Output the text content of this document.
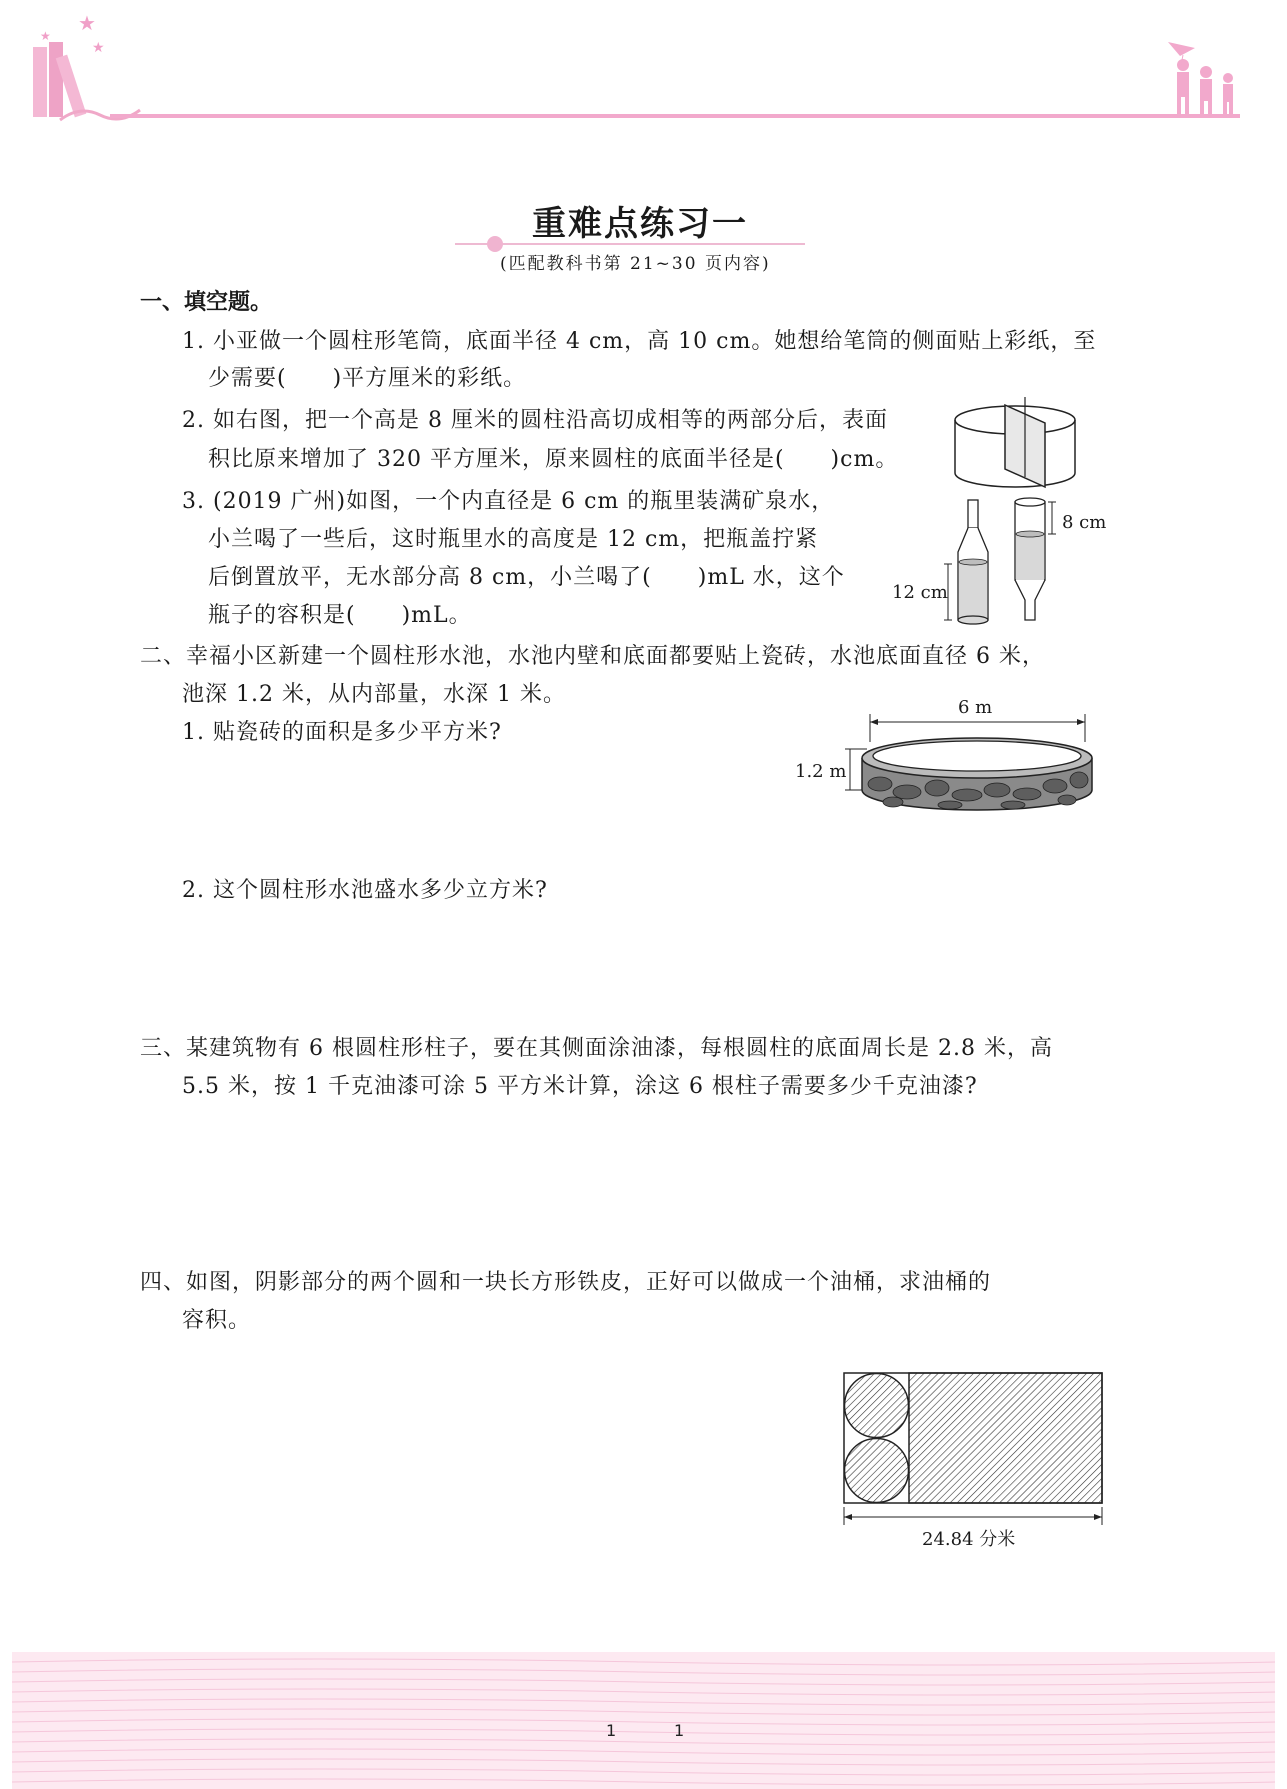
★
★
★
重难点练习一
(匹配教科书第 21~30 页内容)
一、填空题。
1. 小亚做一个圆柱形笔筒，底面半径 4 cm，高 10 cm。她想给笔筒的侧面贴上彩纸，至
少需要(　　)平方厘米的彩纸。
2. 如右图，把一个高是 8 厘米的圆柱沿高切成相等的两部分后，表面
积比原来增加了 320 平方厘米，原来圆柱的底面半径是(　　)cm。
3. (2019 广州)如图，一个内直径是 6 cm 的瓶里装满矿泉水，
小兰喝了一些后，这时瓶里水的高度是 12 cm，把瓶盖拧紧
后倒置放平，无水部分高 8 cm，小兰喝了(　　)mL 水，这个
瓶子的容积是(　　)mL。
12 cm
8 cm
二、幸福小区新建一个圆柱形水池，水池内壁和底面都要贴上瓷砖，水池底面直径 6 米，
池深 1.2 米，从内部量，水深 1 米。
1. 贴瓷砖的面积是多少平方米?
6 m
1.2 m
2. 这个圆柱形水池盛水多少立方米?
三、某建筑物有 6 根圆柱形柱子，要在其侧面涂油漆，每根圆柱的底面周长是 2.8 米，高
5.5 米，按 1 千克油漆可涂 5 平方米计算，涂这 6 根柱子需要多少千克油漆?
四、如图，阴影部分的两个圆和一块长方形铁皮，正好可以做成一个油桶，求油桶的
容积。
24.84 分米
1	1
